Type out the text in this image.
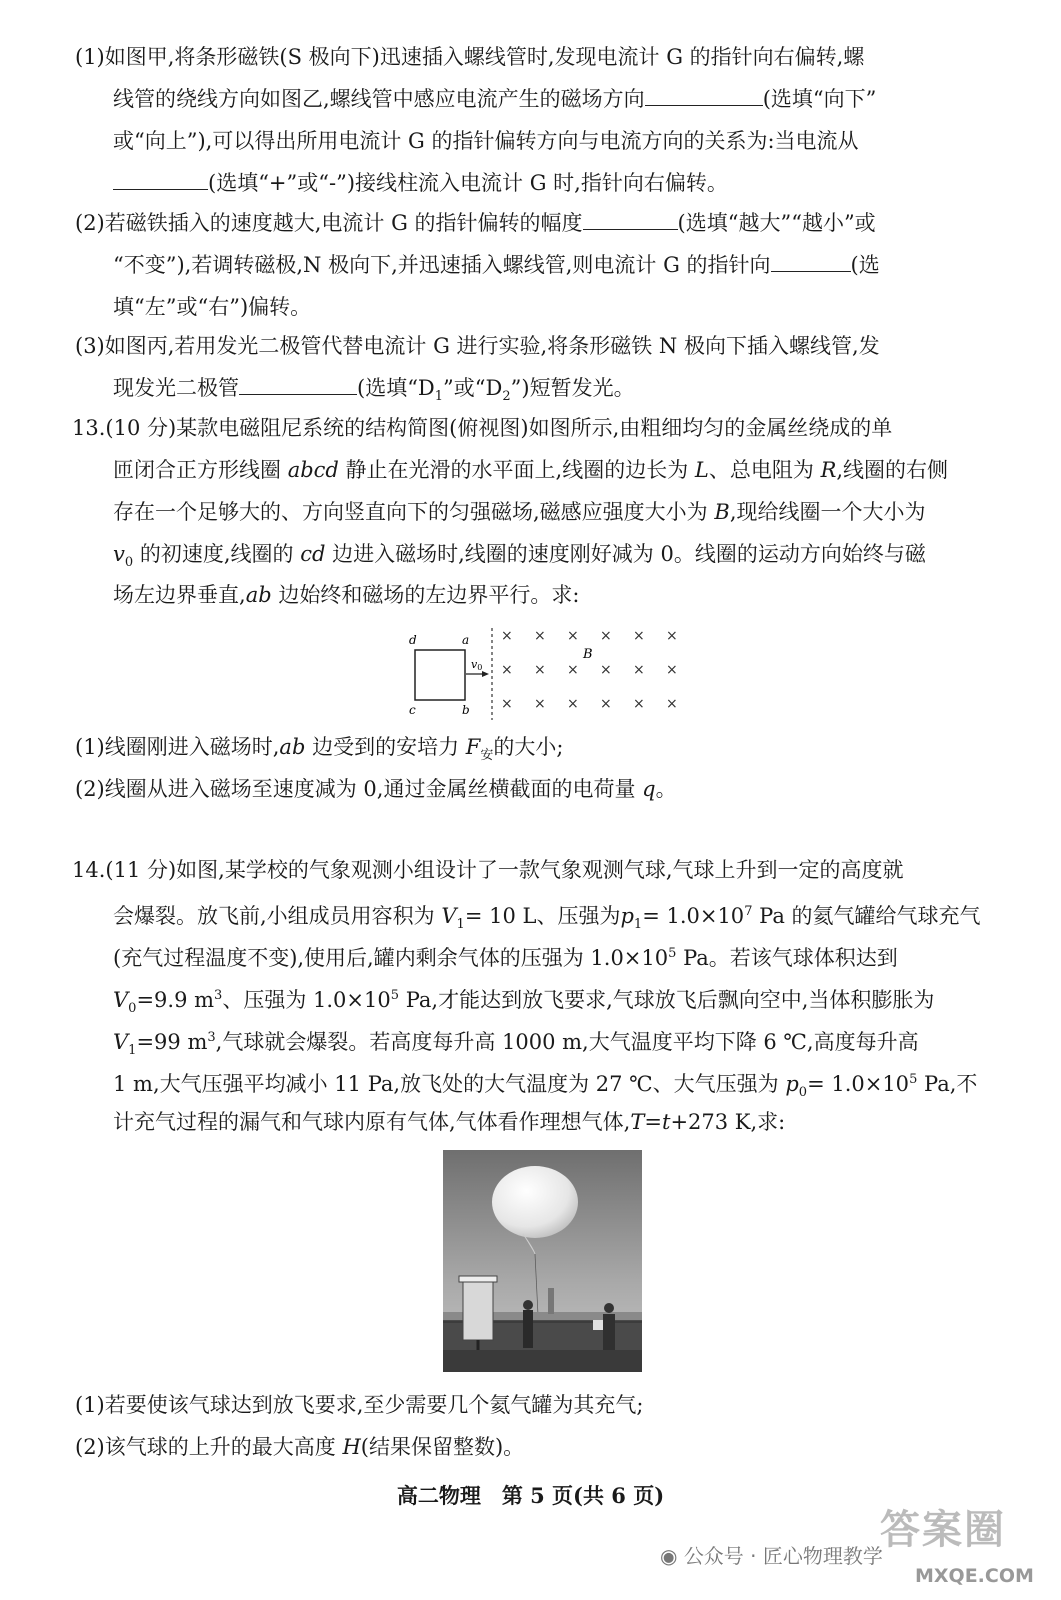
(1)如图甲,将条形磁铁(S 极向下)迅速插入螺线管时,发现电流计 G 的指针向右偏转,螺
线管的绕线方向如图乙,螺线管中感应电流产生的磁场方向	(选填“向下”
或“向上”),可以得出所用电流计 G 的指针偏转方向与电流方向的关系为:当电流从
(选填“+”或“-”)接线柱流入电流计 G 时,指针向右偏转。
(2)若磁铁插入的速度越大,电流计 G 的指针偏转的幅度	(选填“越大”“越小”或
“不变”),若调转磁极,N 极向下,并迅速插入螺线管,则电流计 G 的指针向	(选
填“左”或“右”)偏转。
(3)如图丙,若用发光二极管代替电流计 G 进行实验,将条形磁铁 N 极向下插入螺线管,发
现发光二极管	(选填“$D_1$”或“$D_2$”)短暂发光。
13.(10 分)某款电磁阻尼系统的结构简图(俯视图)如图所示,由粗细均匀的金属丝绕成的单
匝闭合正方形线圈 abcd 静止在光滑的水平面上,线圈的边长为 L、总电阻为 R,线圈的右侧
存在一个足够大的、方向竖直向下的匀强磁场,磁感应强度大小为 B,现给线圈一个大小为
$v_0$ 的初速度,线圈的 cd 边进入磁场时,线圈的速度刚好减为 0。线圈的运动方向始终与磁
场左边界垂直,ab 边始终和磁场的左边界平行。求:
d	a
c	b
v0
× × × × × ×
× × × × × ×
× × × × × ×
B
(1)线圈刚进入磁场时,ab 边受到的安培力 $F_安$的大小;
(2)线圈从进入磁场至速度减为 0,通过金属丝横截面的电荷量 q。
14.(11 分)如图,某学校的气象观测小组设计了一款气象观测气球,气球上升到一定的高度就
会爆裂。放飞前,小组成员用容积为 $V_1= 10$ L、压强为$p_1= 1.0\times 10^7$ Pa 的氦气罐给气球充气
(充气过程温度不变),使用后,罐内剩余气体的压强为 $1.0\times 10^5$ Pa。若该气球体积达到
$V_0=9.9$ $m^3$、压强为 $1.0\times 10^5$ Pa,才能达到放飞要求,气球放飞后飘向空中,当体积膨胀为
$V_1=99$ $m^3$,气球就会爆裂。若高度每升高 1000 m,大气温度平均下降 6 ℃,高度每升高
1 m,大气压强平均减小 11 Pa,放飞处的大气温度为 27 ℃、大气压强为 $p_0= 1.0\times 10^5$ Pa,不
计充气过程的漏气和气球内原有气体,气体看作理想气体,T=t+273 K,求:
(1)若要使该气球达到放飞要求,至少需要几个氦气罐为其充气;
(2)该气球的上升的最大高度 H(结果保留整数)。
高二物理　第 5 页(共 6 页)
答案圈
◉ 公众号 · 匠心物理教学
MXQE.COM
